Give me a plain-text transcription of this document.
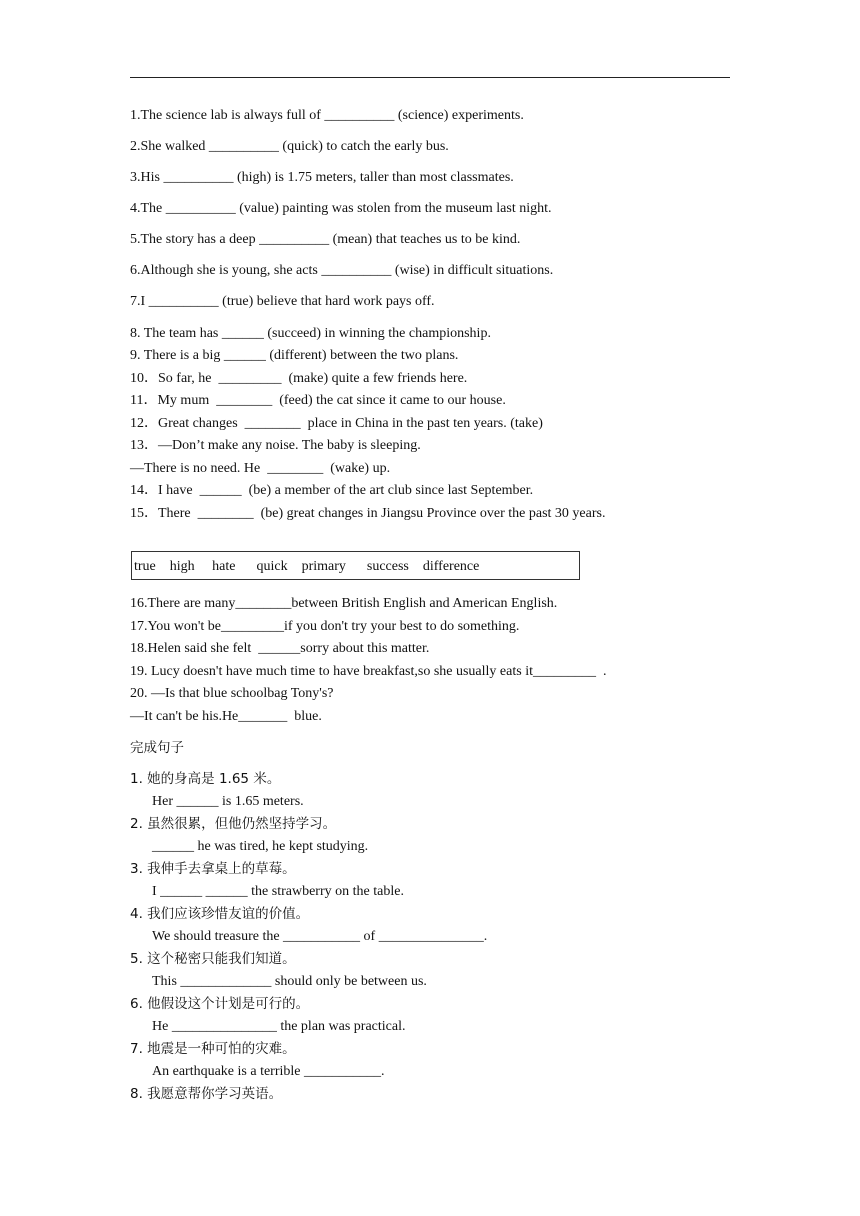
1.The science lab is always full of __________ (science) experiments.
2.She walked __________ (quick) to catch the early bus.
3.His __________ (high) is 1.75 meters, taller than most classmates.
4.The __________ (value) painting was stolen from the museum last night.
5.The story has a deep __________ (mean) that teaches us to be kind.
6.Although she is young, she acts __________ (wise) in difficult situations.
7.I __________ (true) believe that hard work pays off.
8. The team has ______ (succeed) in winning the championship.
9. There is a big ______ (different) between the two plans.
10．So far, he  _________  (make) quite a few friends here.
11．My mum  ________  (feed) the cat since it came to our house.
12．Great changes  ________  place in China in the past ten years. (take)
13．—Don’t make any noise. The baby is sleeping.
—There is no need. He  ________  (wake) up.
14．I have  ______  (be) a member of the art club since last September.
15．There  ________  (be) great changes in Jiangsu Province over the past 30 years.
true    high     hate      quick    primary      success    difference
16.There are many________between British English and American English.
17.You won't be_________if you don't try your best to do something.
18.Helen said she felt  ______sorry about this matter.
19. Lucy doesn't have much time to have breakfast,so she usually eats it_________  .
20. —Is that blue schoolbag Tony's?
—It can't be his.He_______  blue.
完成句子
1. 她的身高是 1.65 米。
Her ______ is 1.65 meters.
2. 虽然很累，但他仍然坚持学习。
______ he was tired, he kept studying.
3. 我伸手去拿桌上的草莓。
I ______ ______ the strawberry on the table.
4. 我们应该珍惜友谊的价值。
We should treasure the ___________ of _______________.
5. 这个秘密只能我们知道。
This _____________ should only be between us.
6. 他假设这个计划是可行的。
He _______________ the plan was practical.
7. 地震是一种可怕的灾难。
An earthquake is a terrible ___________.
8. 我愿意帮你学习英语。
